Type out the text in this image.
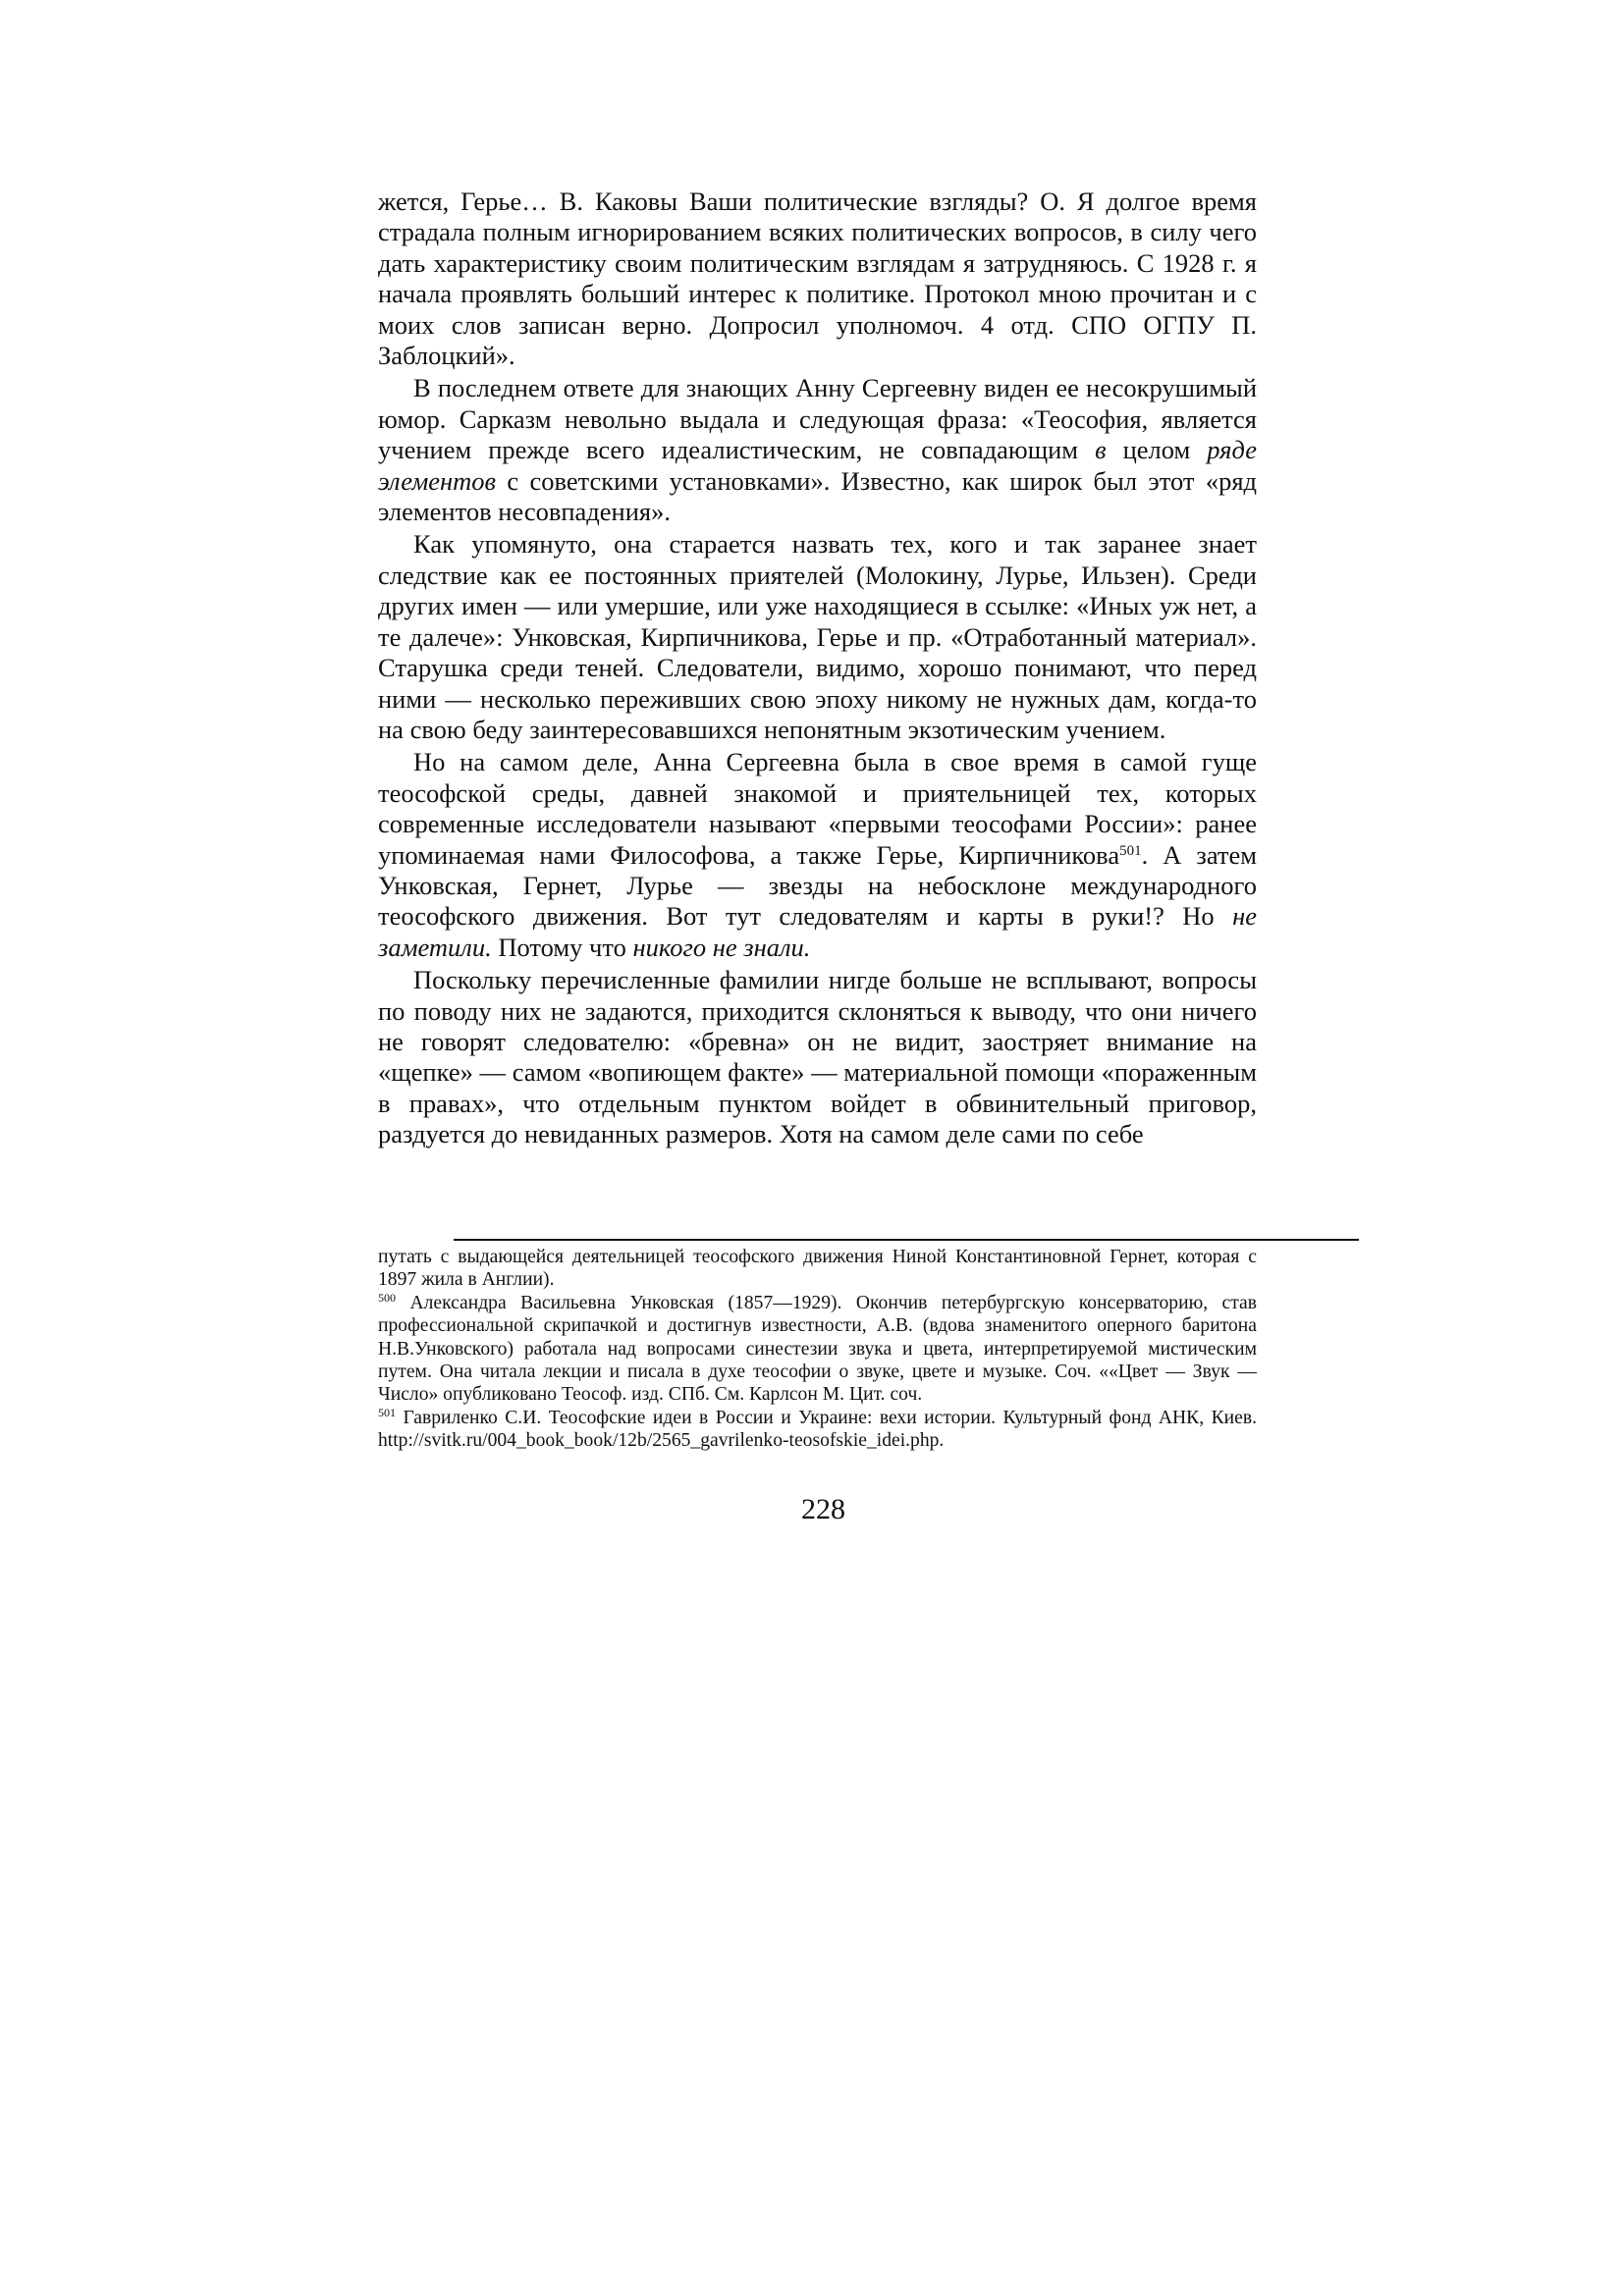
жется, Герье… В. Каковы Ваши политические взгляды? О. Я долгое время страдала полным игнорированием всяких политических вопросов, в силу чего дать характеристику своим политическим взглядам я затрудняюсь. С 1928 г. я начала проявлять больший интерес к политике. Протокол мною прочитан и с моих слов записан верно. Допросил уполномоч. 4 отд. СПО ОГПУ П. Заблоцкий».

В последнем ответе для знающих Анну Сергеевну виден ее несокрушимый юмор. Сарказм невольно выдала и следующая фраза: «Теософия, является учением прежде всего идеалистическим, не совпадающим в целом ряде элементов с советскими установками». Известно, как широк был этот «ряд элементов несовпадения».

Как упомянуто, она старается назвать тех, кого и так заранее знает следствие как ее постоянных приятелей (Молокину, Лурье, Ильзен). Среди других имен — или умершие, или уже находящиеся в ссылке: «Иных уж нет, а те далече»: Унковская, Кирпичникова, Герье и пр. «Отработанный материал». Старушка среди теней. Следователи, видимо, хорошо понимают, что перед ними — несколько переживших свою эпоху никому не нужных дам, когда-то на свою беду заинтересовавшихся непонятным экзотическим учением.

Но на самом деле, Анна Сергеевна была в свое время в самой гуще теософской среды, давней знакомой и приятельницей тех, которых современные исследователи называют «первыми теософами России»: ранее упоминаемая нами Философова, а также Герье, Кирпичникова$^{501}$. А затем Унковская, Гернет, Лурье — звезды на небосклоне международного теософского движения. Вот тут следователям и карты в руки!? Но не заметили. Потому что никого не знали.

Поскольку перечисленные фамилии нигде больше не всплывают, вопросы по поводу них не задаются, приходится склоняться к выводу, что они ничего не говорят следователю: «бревна» он не видит, заостряет внимание на «щепке» — самом «вопиющем факте» — материальной помощи «пораженным в правах», что отдельным пунктом войдет в обвинительный приговор, раздуется до невиданных размеров. Хотя на самом деле сами по себе

путать с выдающейся деятельницей теософского движения Ниной Константиновной Гернет, которая с 1897 жила в Англии).

$^{500}$ Александра Васильевна Унковская (1857—1929). Окончив петербургскую консерваторию, став профессиональной скрипачкой и достигнув известности, А.В. (вдова знаменитого оперного баритона Н.В.Унковского) работала над вопросами синестезии звука и цвета, интерпретируемой мистическим путем. Она читала лекции и писала в духе теософии о звуке, цвете и музыке. Соч. ««Цвет — Звук — Число» опубликовано Теософ. изд. СПб. См. Карлсон М. Цит. соч.

$^{501}$ Гавриленко С.И. Теософские идеи в России и Украине: вехи истории. Культурный фонд АНК, Киев. http://svitk.ru/004_book_book/12b/2565_gavrilenko-teosofskie_idei.php.

228
